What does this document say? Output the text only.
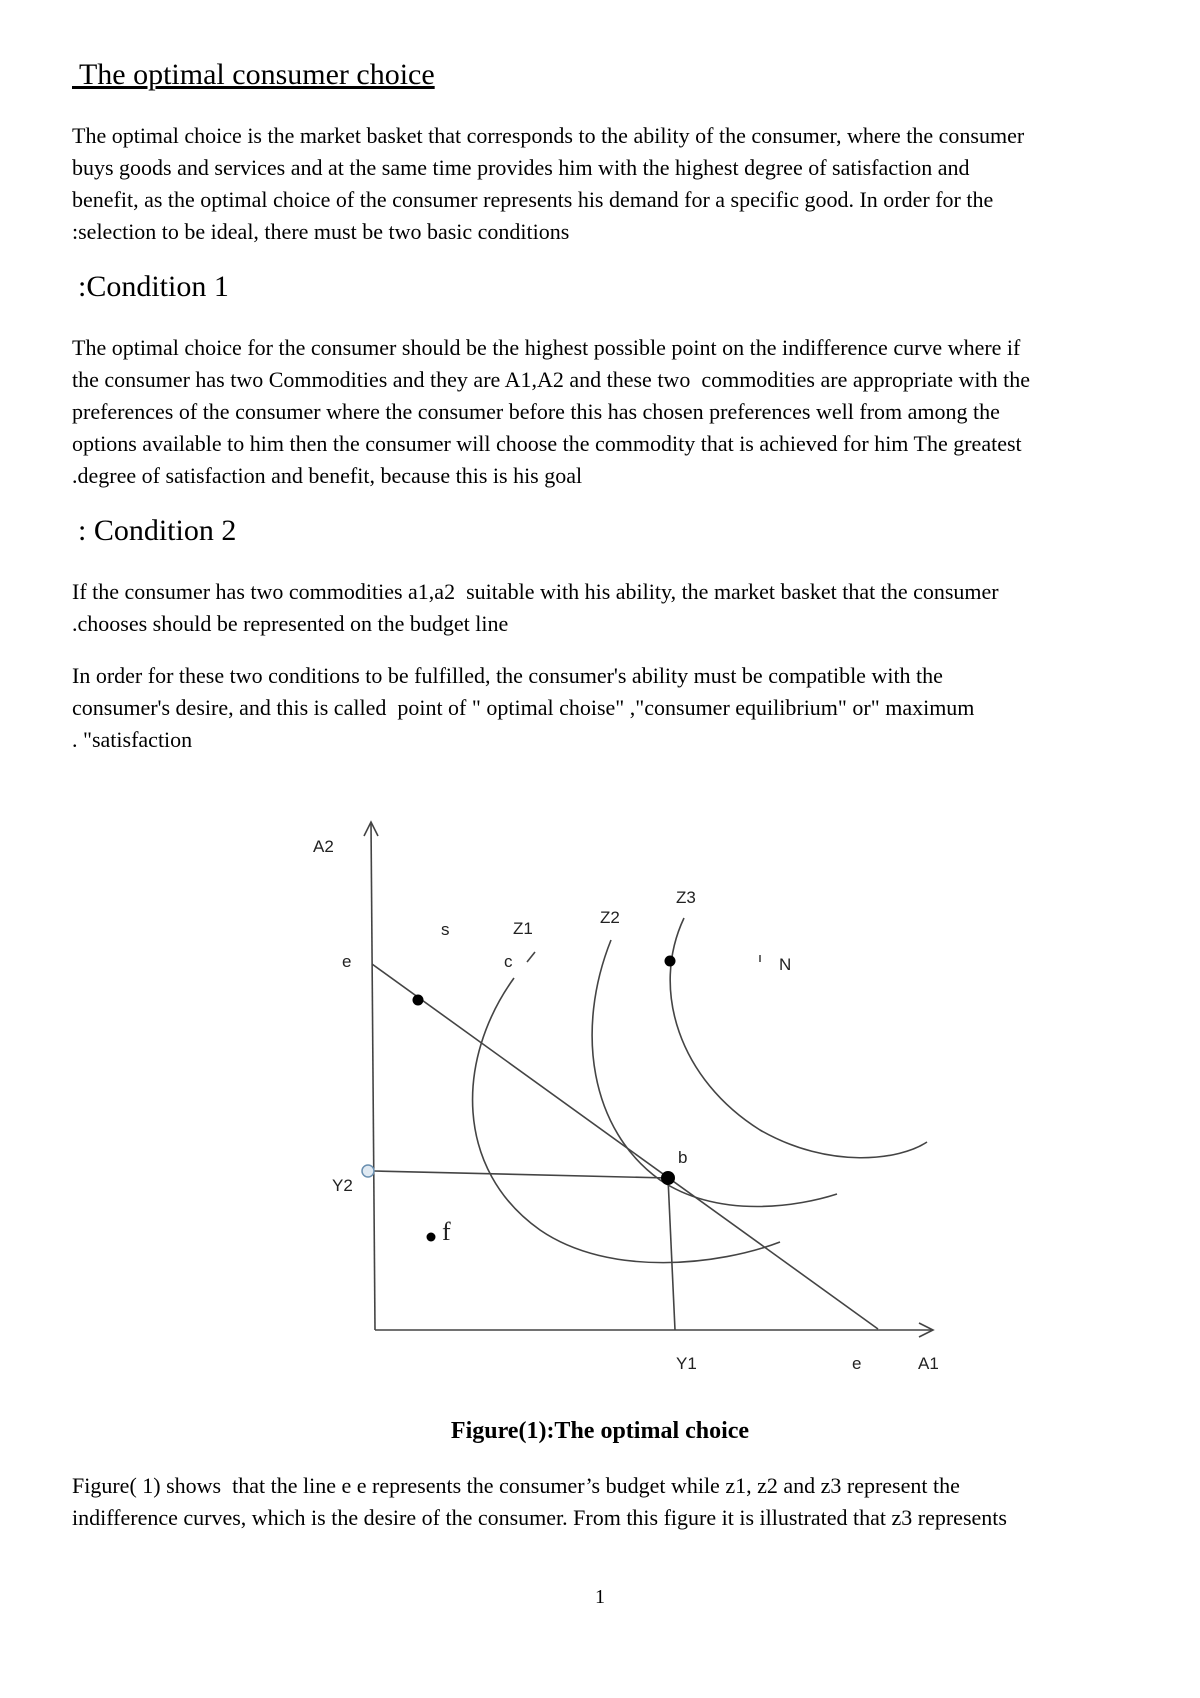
The optimal consumer choice

The optimal choice is the market basket that corresponds to the ability of the consumer, where the consumer
buys goods and services and at the same time provides him with the highest degree of satisfaction and
benefit, as the optimal choice of the consumer represents his demand for a specific good. In order for the
:selection to be ideal, there must be two basic conditions

:Condition 1

The optimal choice for the consumer should be the highest possible point on the indifference curve where if
the consumer has two Commodities and they are A1,A2 and these two  commodities are appropriate with the
preferences of the consumer where the consumer before this has chosen preferences well from among the
options available to him then the consumer will choose the commodity that is achieved for him The greatest
.degree of satisfaction and benefit, because this is his goal

: Condition 2

If the consumer has two commodities a1,a2  suitable with his ability, the market basket that the consumer
.chooses should be represented on the budget line

In order for these two conditions to be fulfilled, the consumer's ability must be compatible with the
consumer's desire, and this is called  point of " optimal choise" ,"consumer equilibrium" or" maximum
. "satisfaction

A2
A1
e
e
Y2
Y1
Z1
Z2
Z3
s
c	N
b
f

Figure(1):The optimal choice

Figure( 1) shows  that the line e e represents the consumer’s budget while z1, z2 and z3 represent the
indifference curves, which is the desire of the consumer. From this figure it is illustrated that z3 represents

1
